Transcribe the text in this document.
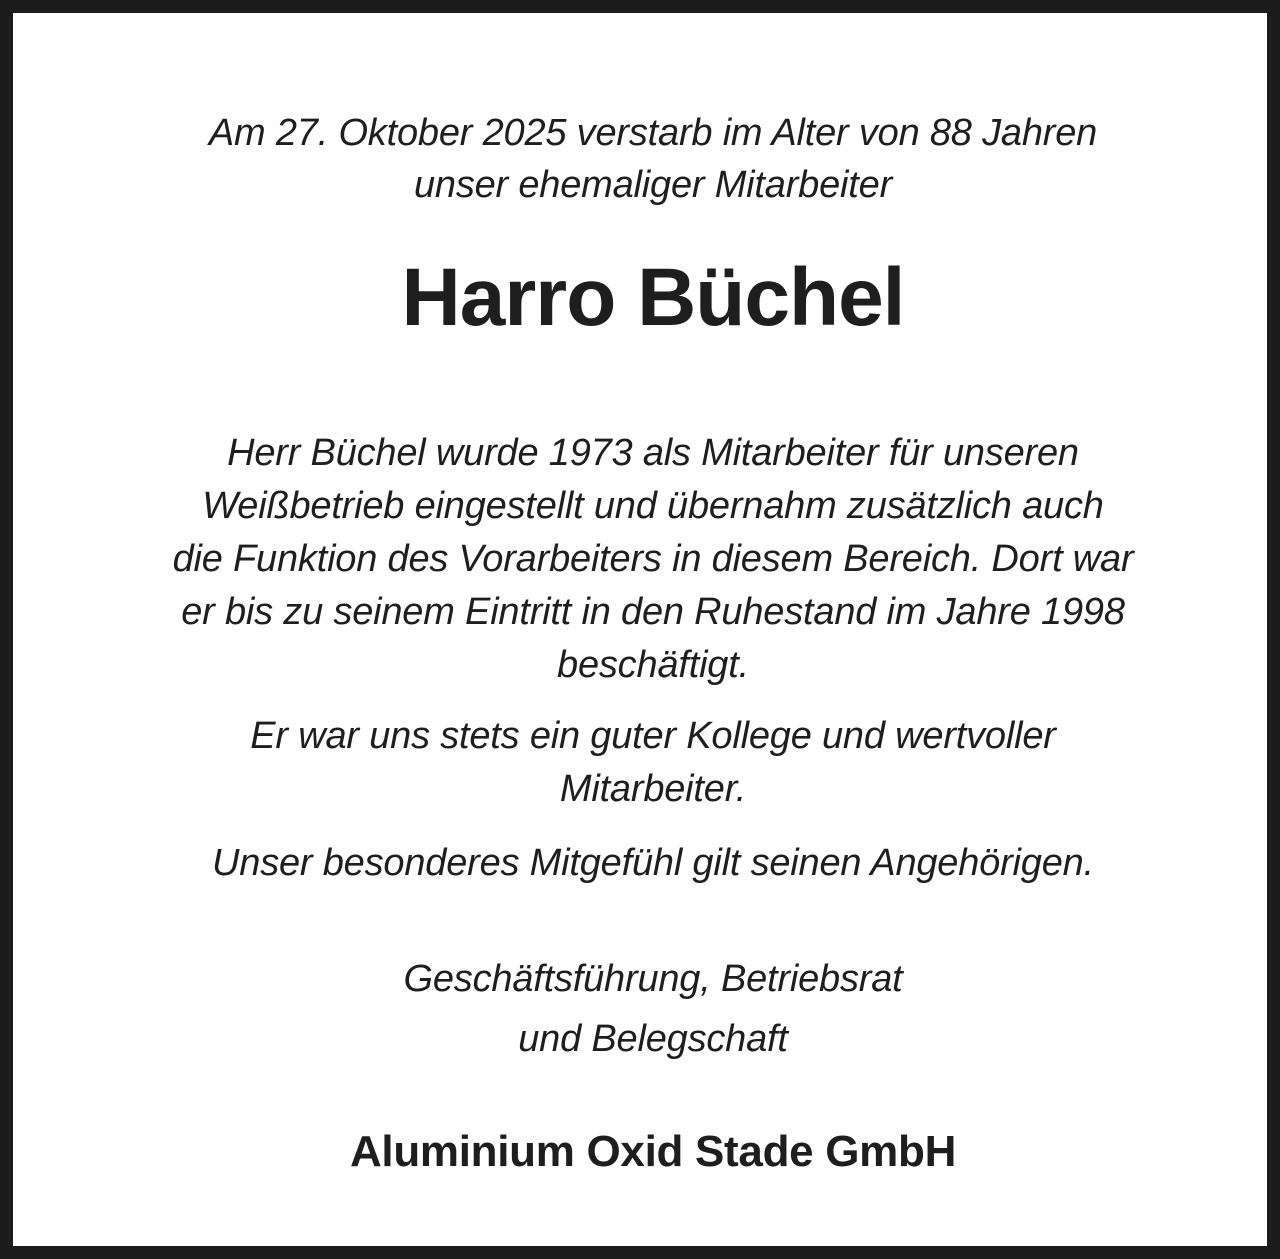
Am 27. Oktober 2025 verstarb im Alter von 88 Jahren

unser ehemaliger Mitarbeiter

Harro Büchel

Herr Büchel wurde 1973 als Mitarbeiter für unseren

Weißbetrieb eingestellt und übernahm zusätzlich auch

die Funktion des Vorarbeiters in diesem Bereich. Dort war

er bis zu seinem Eintritt in den Ruhestand im Jahre 1998

beschäftigt.

Er war uns stets ein guter Kollege und wertvoller

Mitarbeiter.

Unser besonderes Mitgefühl gilt seinen Angehörigen.

Geschäftsführung, Betriebsrat

und Belegschaft

Aluminium Oxid Stade GmbH
